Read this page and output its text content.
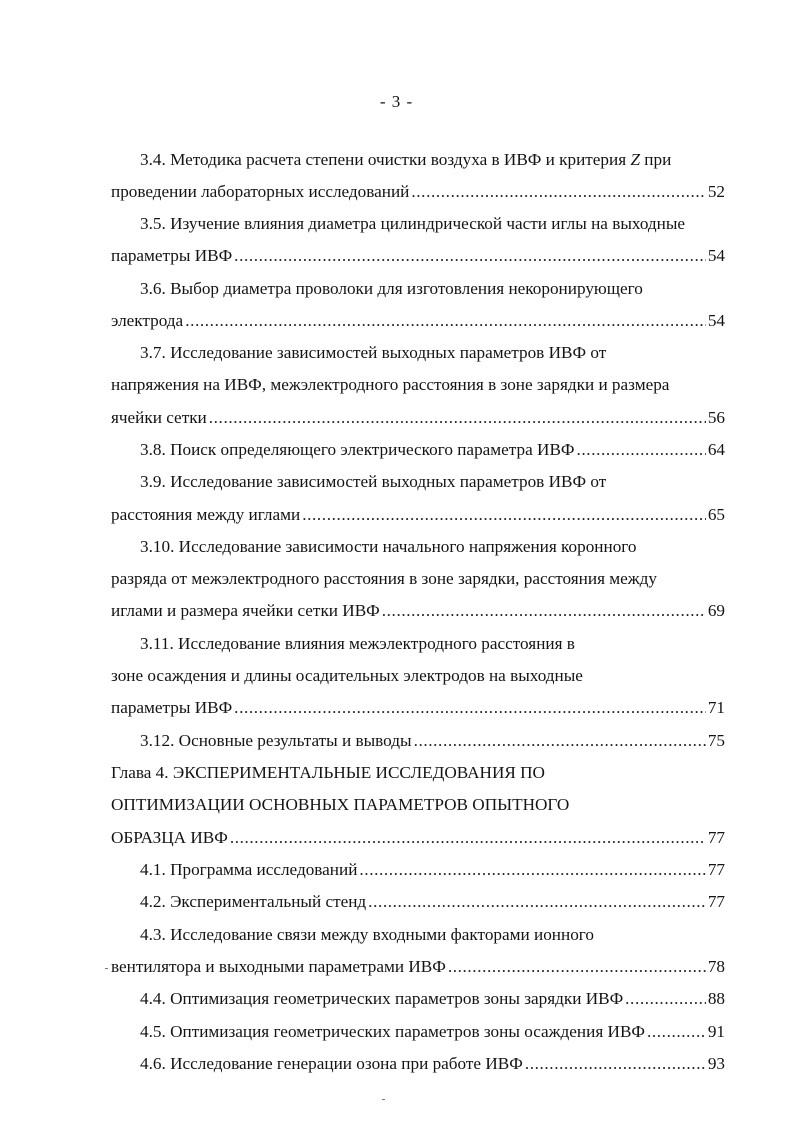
- 3 -
3.4. Методика расчета степени очистки воздуха в ИВФ и критерия Z при
проведении лабораторных исследований .....	52
3.5. Изучение влияния диаметра цилиндрической части иглы на выходные
параметры ИВФ .....	54
3.6. Выбор диаметра проволоки для изготовления некоронирующего
электрода .....	54
3.7. Исследование зависимостей выходных параметров ИВФ от
напряжения на ИВФ, межэлектродного расстояния в зоне зарядки и размера
ячейки сетки .....	56
3.8. Поиск определяющего электрического параметра ИВФ .....	64
3.9. Исследование зависимостей выходных параметров ИВФ от
расстояния между иглами .....	65
3.10. Исследование зависимости начального напряжения коронного
разряда от межэлектродного расстояния в зоне зарядки, расстояния между
иглами и размера ячейки сетки ИВФ .....	69
3.11. Исследование влияния межэлектродного расстояния в
зоне осаждения и длины осадительных электродов на выходные
параметры ИВФ .....	71
3.12. Основные результаты и выводы .....	75
Глава 4. ЭКСПЕРИМЕНТАЛЬНЫЕ ИССЛЕДОВАНИЯ ПО
ОПТИМИЗАЦИИ ОСНОВНЫХ ПАРАМЕТРОВ ОПЫТНОГО
ОБРАЗЦА ИВФ .....	77
4.1. Программа исследований .....	77
4.2. Экспериментальный стенд .....	77
4.3. Исследование связи между входными факторами ионного
вентилятора и выходными параметрами ИВФ .....	78
4.4. Оптимизация геометрических параметров зоны зарядки ИВФ .....	88
4.5. Оптимизация геометрических параметров зоны осаждения ИВФ .....	91
4.6. Исследование генерации озона при работе ИВФ .....	93
